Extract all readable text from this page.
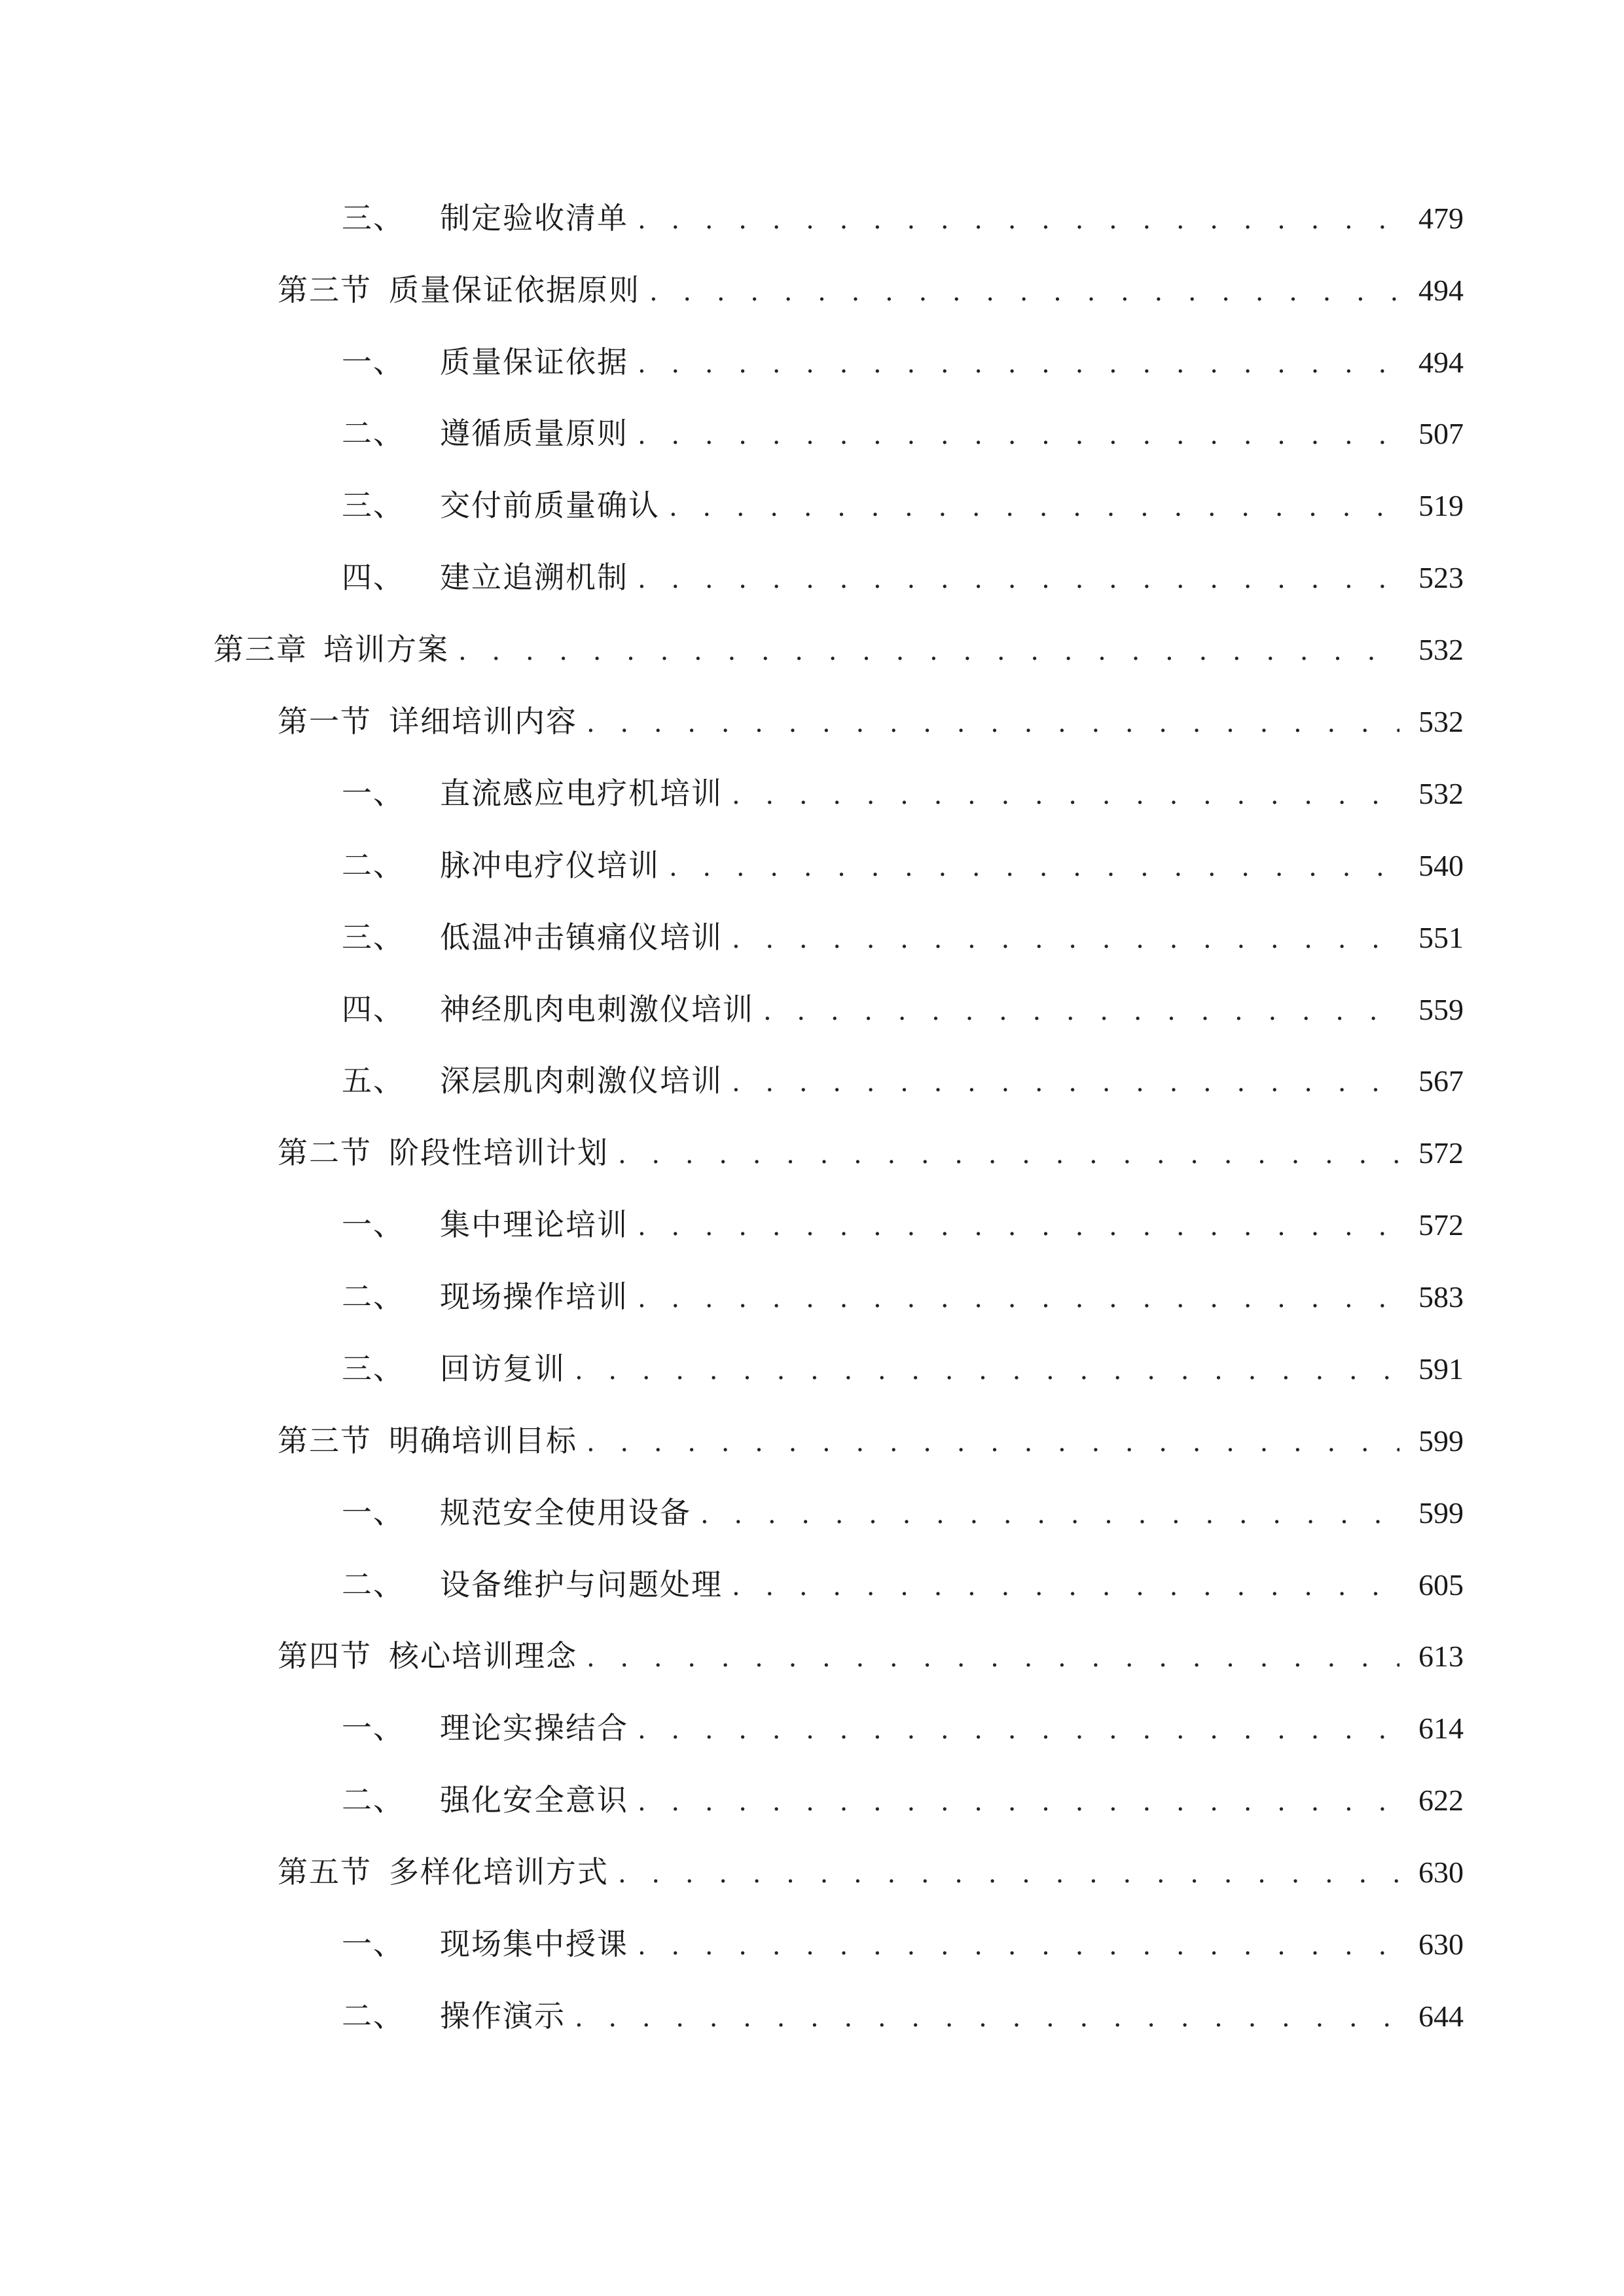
三、 制定验收清单 . . .	479
第三节 质量保证依据原则 . . .	494
一、 质量保证依据 . . .	494
二、 遵循质量原则 . . .	507
三、 交付前质量确认 . . .	519
四、 建立追溯机制 . . .	523
第三章 培训方案 . . .	532
第一节 详细培训内容 . . .	532
一、 直流感应电疗机培训 . . .	532
二、 脉冲电疗仪培训 . . .	540
三、 低温冲击镇痛仪培训 . . .	551
四、 神经肌肉电刺激仪培训 . . .	559
五、 深层肌肉刺激仪培训 . . .	567
第二节 阶段性培训计划 . . .	572
一、 集中理论培训 . . .	572
二、 现场操作培训 . . .	583
三、 回访复训 . . .	591
第三节 明确培训目标 . . .	599
一、 规范安全使用设备 . . .	599
二、 设备维护与问题处理 . . .	605
第四节 核心培训理念 . . .	613
一、 理论实操结合 . . .	614
二、 强化安全意识 . . .	622
第五节 多样化培训方式 . . .	630
一、 现场集中授课 . . .	630
二、 操作演示 . . .	644
